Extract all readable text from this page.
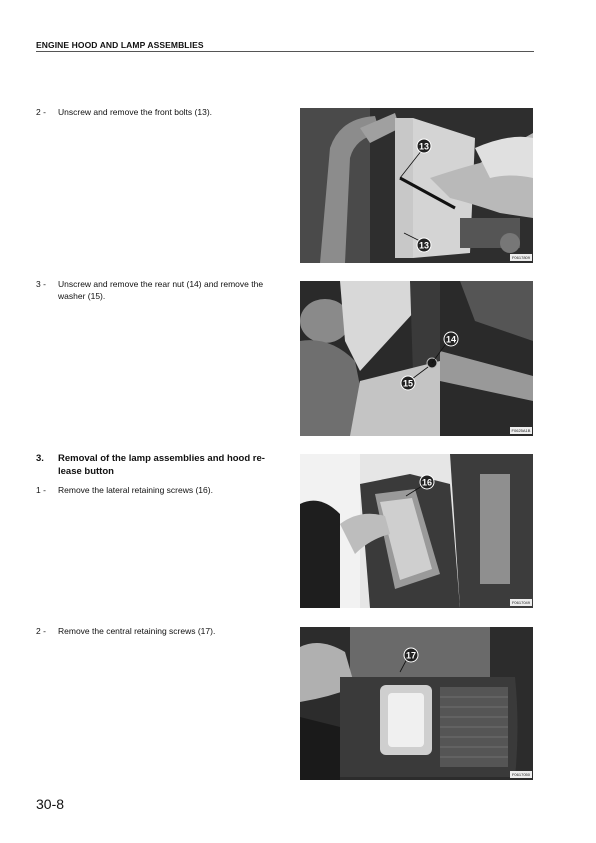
ENGINE HOOD AND LAMP ASSEMBLIES
2 -	Unscrew and remove the front bolts (13).
13
13
F0617809
3 -	Unscrew and remove the rear nut (14) and remove the washer (15).
14
15
F0625A1B
3. Removal of the lamp assemblies and hood re-lease button
1 -	Remove the lateral retaining screws (16).
16
F0617049
2 -	Remove the central retaining screws (17).
17
F0617050
30-8
